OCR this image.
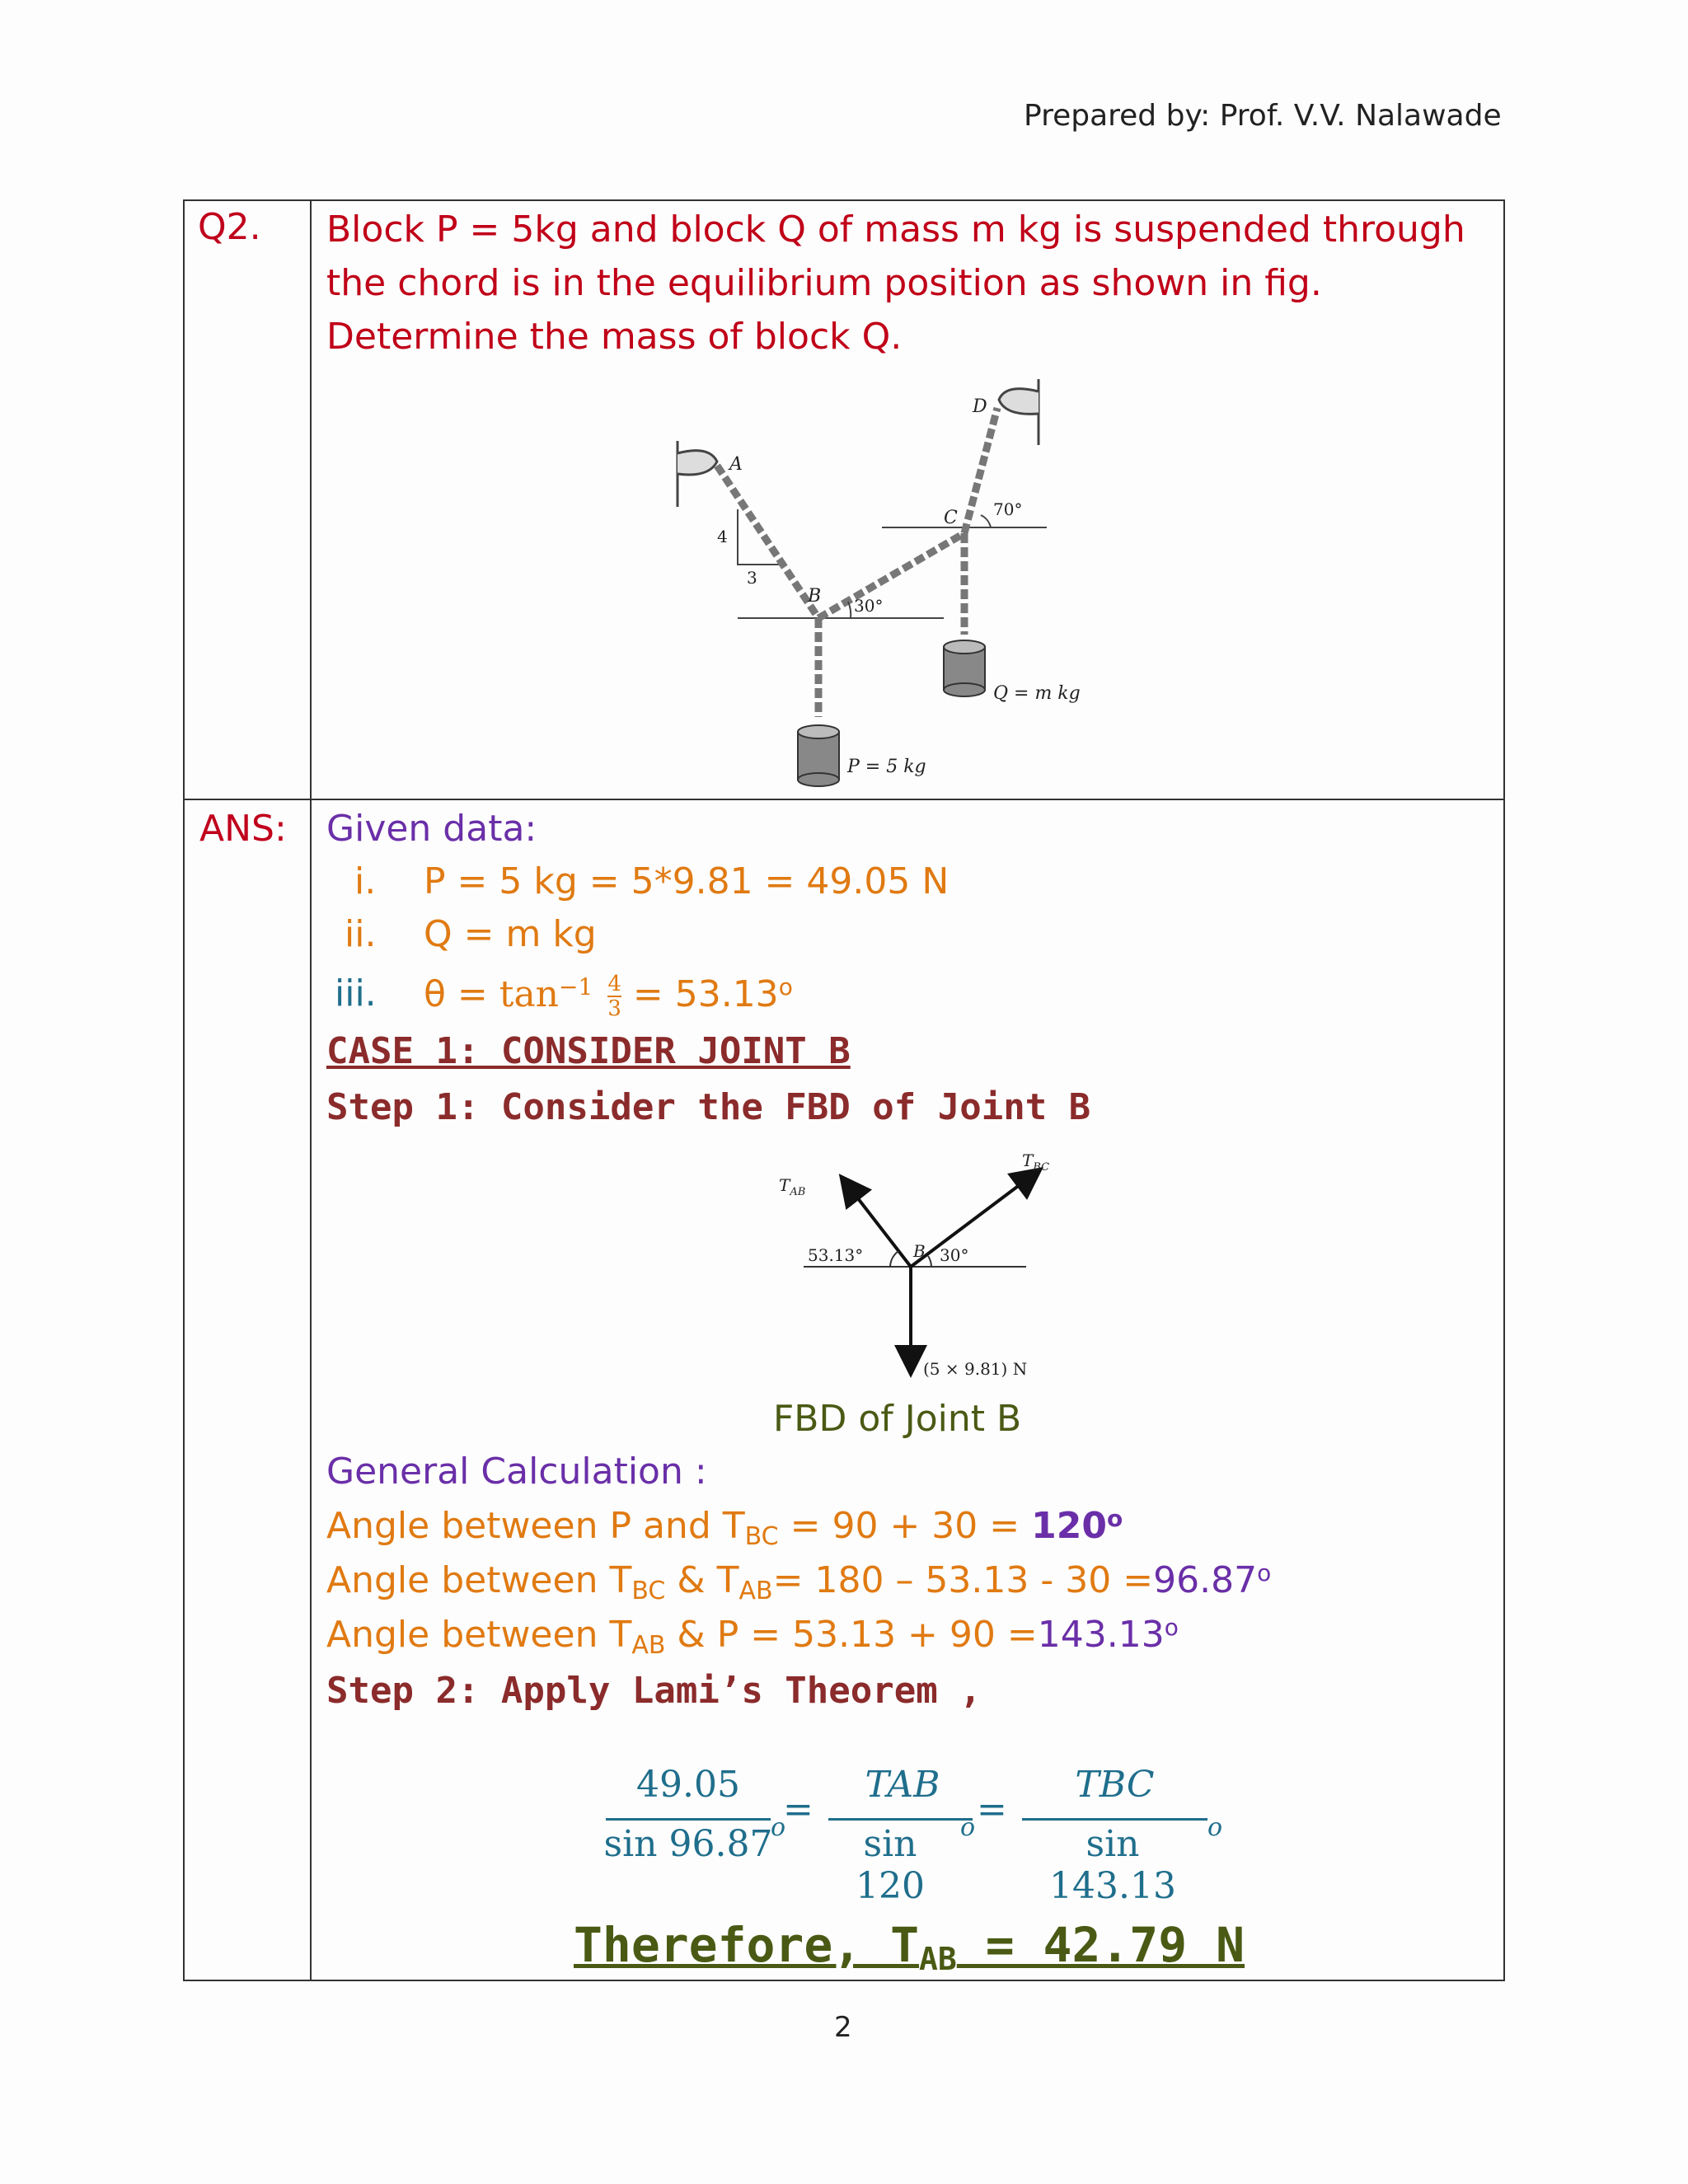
Prepared by: Prof. V.V. Nalawade
Q2. Block P = 5kg and block Q of mass m kg is suspended through
the chord is in the equilibrium position as shown in fig.
Determine the mass of block Q.
A
B
C
D
Q = m kg
P = 5 kg
4
3
30°
70°
ANS: Given data:
i. P = 5 kg = 5*9.81 = 49.05 N
ii. Q = m kg
iii. $\theta = \tan^{-1} \frac{4}{3} = 53.13^o$
CASE 1: CONSIDER JOINT B
Step 1: Consider the FBD of Joint B
$T_{AB}$
$T_{BC}$
53.13°	B 30°
(5 × 9.81) N
FBD of Joint B
General Calculation :
Angle between P and $T_{BC} = 90 + 30 = 120^o$
Angle between $T_{BC}$ & $T_{AB}= 180 - 53.13 - 30 =96.87^o$
Angle between $T_{AB}$ & $P = 53.13 + 90 =143.13^o$
Step 2: Apply Lami’s Theorem ,
49.05
sin 96.87
o
=
TAB
sin 120
o =
TBC
sin 143.13
o
Therefore, TAB = 42.79 N
2
